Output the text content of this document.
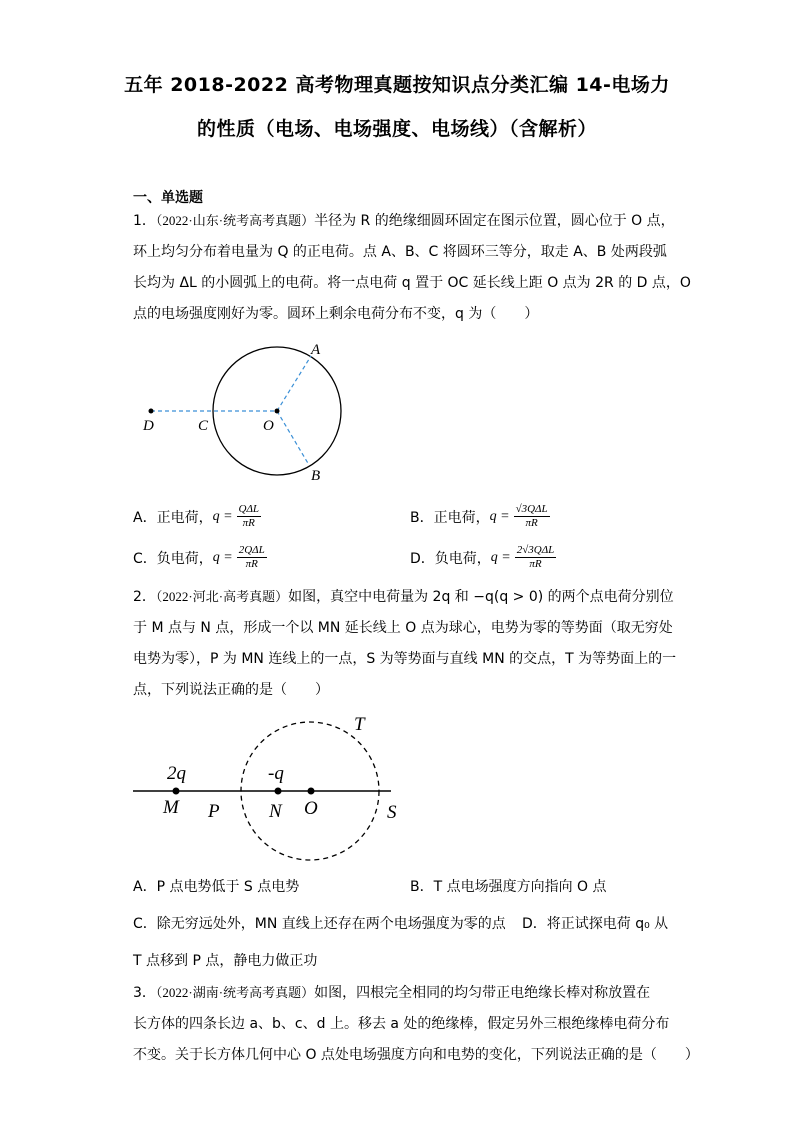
五年 2018-2022 高考物理真题按知识点分类汇编 14-电场力
的性质（电场、电场强度、电场线）（含解析）
一、单选题
1．（2022·山东·统考高考真题）半径为 R 的绝缘细圆环固定在图示位置，圆心位于 O 点，
环上均匀分布着电量为 Q 的正电荷。点 A、B、C 将圆环三等分，取走 A、B 处两段弧
长均为 ΔL 的小圆弧上的电荷。将一点电荷 q 置于 OC 延长线上距 O 点为 2R 的 D 点，O
点的电场强度刚好为零。圆环上剩余电荷分布不变，q 为（　　）
A
B
C
D	O
A．正电荷， $q = \frac{\text{QΔL}}{\pi R}$	B．正电荷， $q = \frac{\text{√3QΔL}}{\pi R}$
C．负电荷， $q = \frac{\text{2QΔL}}{\pi R}$	D．负电荷， $q = \frac{\text{2√3QΔL}}{\pi R}$
2．（2022·河北·高考真题）如图，真空中电荷量为 2q 和 −q(q > 0) 的两个点电荷分别位
于 M 点与 N 点，形成一个以 MN 延长线上 O 点为球心，电势为零的等势面（取无穷处
电势为零），P 为 MN 连线上的一点，S 为等势面与直线 MN 的交点，T 为等势面上的一
点，下列说法正确的是（　　）
2q	-q
M P	N O	S
T
A．P 点电势低于 S 点电势	B．T 点电场强度方向指向 O 点
C．除无穷远处外，MN 直线上还存在两个电场强度为零的点 D．将正试探电荷 q₀ 从
T 点移到 P 点，静电力做正功
3．（2022·湖南·统考高考真题）如图，四根完全相同的均匀带正电绝缘长棒对称放置在
长方体的四条长边 a、b、c、d 上。移去 a 处的绝缘棒，假定另外三根绝缘棒电荷分布
不变。关于长方体几何中心 O 点处电场强度方向和电势的变化，下列说法正确的是（　　）
